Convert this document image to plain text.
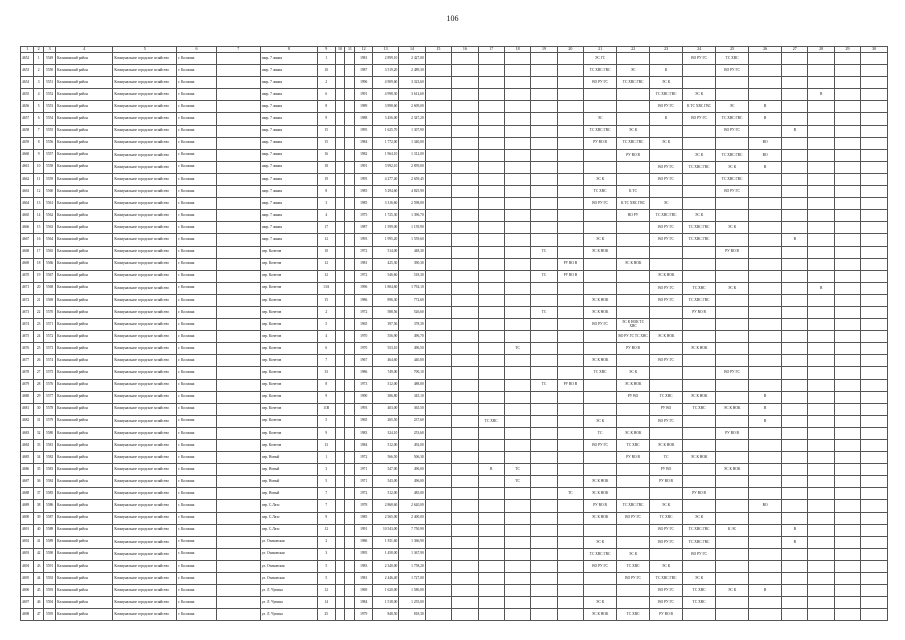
106
1	2	3	4	5	6	7	8	9	10	11	12	13	14	15	16	17	18	19	20	21	22	23	24	25	26	27	28	29	30
4652	1	5549	Калининский район	Коммунальное городское хозяйство	г. Коломна		шир. 7 линия	1			1981	2 899,10	2 427,00							ЭС ГС			ВО РУ ГС	ТС ХВС					
4653	2	5550	Калининский район	Коммунальное городское хозяйство	г. Коломна		шир. 7 линия	10			1987	3 519,20	2 489,30							ТС ХВС ГВС	ЭС	К		ВО РУ ГС					
4654	3	5551	Калининский район	Коммунальное городское хозяйство	г. Коломна		шир. 7 линия	2			1996	4 909,60	3 323,60							ВО РУ ГС	ТС ХВС ГВС	ЭС К							
4655	4	5552	Калининский район	Коммунальное городское хозяйство	г. Коломна		шир. 7 линия	6			1991	4 998,30	3 612,60									ТС ХВС ГВС	ЭС К				В		
4656	5	5553	Калининский район	Коммунальное городское хозяйство	г. Коломна		шир. 7 линия	8			1989	3 898,60	2 609,00									ВО РУ ГС	К ТС ХВС ГВС	ЭС	В				
4657	6	5554	Калининский район	Коммунальное городское хозяйство	г. Коломна		шир. 7 линия	9			1988	3 456,00	2 347,20							ЭС		К	ВО РУ ГС	ТС ХВС ГВС	В				
4658	7	5555	Калининский район	Коммунальное городское хозяйство	г. Коломна		шир. 7 линия	15			1995	1 625,70	1 307,90							ТС ХВС ГВС	ЭС К			ВО РУ ГС		В			
4659	8	5556	Калининский район	Коммунальное городское хозяйство	г. Коломна		шир. 7 линия	15			1984	1 772,00	1 340,00							РУ ВО В	ТС ХВС ГВС	ЭС К			ВО				
4660	9	5557	Калининский район	Коммунальное городское хозяйство	г. Коломна		шир. 7 линия	16			1982	1 964,10	1 312,00								РУ ВО В		ЭС К	ТС ХВС ГВС	ВО				
4661	10	5558	Калининский район	Коммунальное городское хозяйство	г. Коломна		шир. 7 линия	18			1991	3 992,10	2 859,00									ВО РУ ГС	ТС ХВС ГВС	ЭС К	В				
4662	11	5559	Калининский район	Коммунальное городское хозяйство	г. Коломна		шир. 7 линия	19			1995	4 277,40	2 659,45							ЭС К		ВО РУ ГС		ТС ХВС ГВС					
4663	12	5560	Калининский район	Коммунальное городское хозяйство	г. Коломна		шир. 7 линия	8			1985	5 294,60	4 825,90							ТС ХВС	К ТС			ВО РУ ГС					
4664	13	5561	Калининский район	Коммунальное городское хозяйство	г. Коломна		шир. 7 линия	3			1985	3 316,60	2 598,00							ВО РУ ГС	К ТС ХВС ГВС	ЭС							
4665	14	5562	Калининский район	Коммунальное городское хозяйство	г. Коломна		шир. 7 линия	4			1975	1 725,30	1 396,70								ВО РУ	ТС ХВС ГВС	ЭС К						
4666	15	5563	Калининский район	Коммунальное городское хозяйство	г. Коломна		шир. 7 линия	17			1987	1 599,00	1 159,90									ВО РУ ГС	ТС ХВС ГВС	ЭС К					
4667	16	5564	Калининский район	Коммунальное городское хозяйство	г. Коломна		шир. 7 линия	12			1993	1 995,20	1 559,60							ЭС К		ВО РУ ГС	ТС ХВС ГВС			В			
4668	17	5565	Калининский район	Коммунальное городское хозяйство	г. Коломна		пер. Кочетов	10			1972	514,00	448,30					ТС		ЭС К НОК				РУ ВО В					
4669	18	5566	Калининский район	Коммунальное городское хозяйство	г. Коломна		пер. Кочетов	12			1981	425,30	390,30						РУ ВО В		ЭС К НОК								
4670	19	5567	Калининский район	Коммунальное городское хозяйство	г. Коломна		пер. Кочетов	12			1972	546,60	518,30					ТС	РУ ВО В			ЭС К НОК							
4671	20	5568	Калининский район	Коммунальное городское хозяйство	г. Коломна		пер. Кочетов	13А			1996	1 804,60	1 792,10									ВО РУ ГС	ТС ХВС	ЭС К			В		
4672	21	5569	Калининский район	Коммунальное городское хозяйство	г. Коломна		пер. Кочетов	15			1986	896,30	772,60							ЭС К НОК		ВО РУ ГС	ТС ХВС ГВС						
4673	22	5570	Калининский район	Коммунальное городское хозяйство	г. Коломна		пер. Кочетов	2			1972	588,56	526,60					ТС		ЭС К НОК			РУ ВО В						
4674	23	5571	Калининский район	Коммунальное городское хозяйство	г. Коломна		пер. Кочетов	5			1965	397,56	378,30							ВО РУ ГС	ЭС К НОК ТС ХВС								
4675	24	5572	Калининский район	Коммунальное городское хозяйство	г. Коломна		пер. Кочетов	4			1970	556,90	496,70								ВО РУ ГС ТС ХВС	ЭС К НОК							
4676	25	5573	Калининский район	Коммунальное городское хозяйство	г. Коломна		пер. Кочетов	6			1970	553,10	496,50				ТС				РУ ВО В		ЭС К НОК						
4677	26	5574	Калининский район	Коммунальное городское хозяйство	г. Коломна		пер. Кочетов	7			1967	464,60	440,00							ЭС К НОК		ВО РУ ГС							
4678	27	5575	Калининский район	Коммунальное городское хозяйство	г. Коломна		пер. Кочетов	33			1986	749,00	700,10							ТС ХВС	ЭС К			ВО РУ ГС					
4679	28	5576	Калининский район	Коммунальное городское хозяйство	г. Коломна		пер. Кочетов	8			1973	512,00	488,00					ТС	РУ ВО В		ЭС К НОК								
4680	29	5577	Калининский район	Коммунальное городское хозяйство	г. Коломна		пер. Кочетов	9			1990	386,80	345,10								РУ ВО	ТС ХВС	ЭС К НОК		В				
4681	30	5578	Калининский район	Коммунальное городское хозяйство	г. Коломна		пер. Кочетов	11В			1993	403,00	365,50									РУ ВО	ТС ХВС	ЭС К НОК	В				
4682	31	5579	Калининский район	Коммунальное городское хозяйство	г. Коломна		пер. Кочетов	5			1965	265,50	237,60			ТС ХВС				ЭС К		ВО РУ ГС			В				
4683	32	5580	Калининский район	Коммунальное городское хозяйство	г. Коломна		пер. Кочетов	9			1983	324,10	253,60							ТС	ЭС К НОК			РУ ВО В					
4684	33	5581	Калининский район	Коммунальное городское хозяйство	г. Коломна		пер. Кочетов	13			1984	512,00	492,00							ВО РУ ГС	ТС ХВС	ЭС К НОК							
4685	34	5582	Калининский район	Коммунальное городское хозяйство	г. Коломна		пер. Новый	1			1972	566,50	506,30								РУ ВО В	ТС	ЭС К НОК						
4686	35	5583	Калининский район	Коммунальное городское хозяйство	г. Коломна		пер. Новый	3			1971	547,00	496,00			В	ТС					РУ ВО		ЭС К НОК					
4687	36	5584	Калининский район	Коммунальное городское хозяйство	г. Коломна		пер. Новый	5			1971	543,00	496,00				ТС			ЭС К НОК		РУ ВО В							
4688	37	5585	Калининский район	Коммунальное городское хозяйство	г. Коломна		пер. Новый	7			1972	512,00	485,00						ТС	ЭС К НОК			РУ ВО В						
4689	38	5586	Калининский район	Коммунальное городское хозяйство	г. Коломна		пер. С.Лазо	7			1978	2 868,60	2 620,00							РУ ВО В	ТС ХВС ГВС	ЭС К			ВО				
4690	39	5587	Калининский район	Коммунальное городское хозяйство	г. Коломна		пер. С.Лазо	9			1985	2 565,00	2 400,00							ЭС К НОК	ВО РУ ГС	ТС ХВС	ЭС К						
4691	40	5588	Калининский район	Коммунальное городское хозяйство	г. Коломна		пер. С.Лазо	12			1991	10 543,00	7 750,90									ВО РУ ГС	ТС ХВС ГВС	К ЭС		В			
4692	41	5589	Калининский район	Коммунальное городское хозяйство	г. Коломна		ул. Очаковская	2			1986	1 811,60	1 366,90							ЭС К		ВО РУ ГС	ТС ХВС ГВС			В			
4693	42	5590	Калининский район	Коммунальное городское хозяйство	г. Коломна		ул. Очаковская	3			1995	1 458,00	1 367,90							ТС ХВС ГВС	ЭС К		ВО РУ ГС						
4694	43	5591	Калининский район	Коммунальное городское хозяйство	г. Коломна		ул. Очаковская	5			1983	2 340,00	1 758,20							ВО РУ ГС	ТС ХВС	ЭС К							
4695	44	5592	Калининский район	Коммунальное городское хозяйство	г. Коломна		ул. Очаковская	5			1981	2 446,40	1 727,00								ВО РУ ГС	ТС ХВС ГВС	ЭС К						
4696	45	5593	Калининский район	Коммунальное городское хозяйство	г. Коломна		ул. Л. Чупина	12			1969	1 620,00	1 580,00									ВО РУ ГС	ТС ХВС	ЭС К	В				
4697	46	5594	Калининский район	Коммунальное городское хозяйство	г. Коломна		ул. Л. Чупина	14			1984	1 518,00	1 255,00							ЭС К		ВО РУ ГС	ТС ХВС						
4698	47	5595	Калининский район	Коммунальное городское хозяйство	г. Коломна		ул. Л. Чупина	25			1979	848,50	818,30							ЭС К НОК	ТС ХВС	РУ ВО В							
